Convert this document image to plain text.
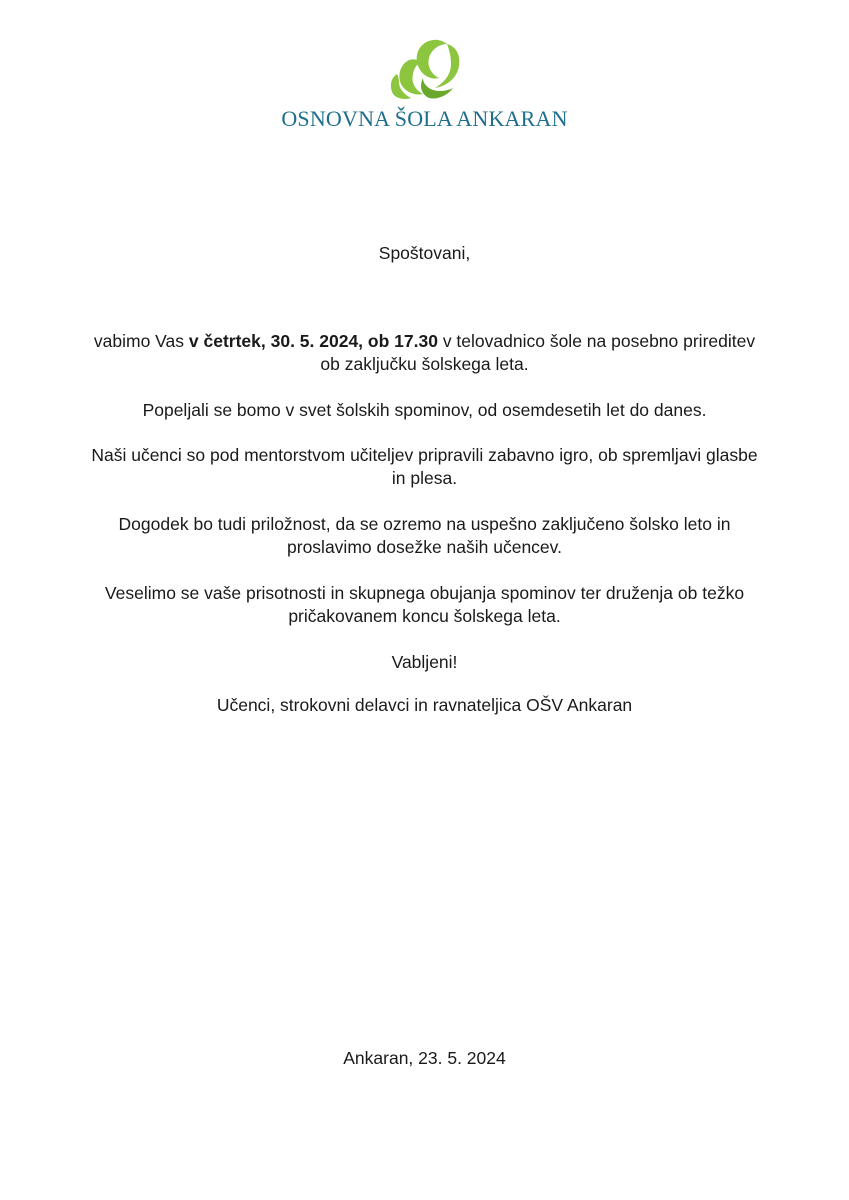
OSNOVNA ŠOLA ANKARAN
Spoštovani,
vabimo Vas v četrtek, 30. 5. 2024, ob 17.30 v telovadnico šole na posebno prireditev ob zaključku šolskega leta.
Popeljali se bomo v svet šolskih spominov, od osemdesetih let do danes.
Naši učenci so pod mentorstvom učiteljev pripravili zabavno igro, ob spremljavi glasbe in plesa.
Dogodek bo tudi priložnost, da se ozremo na uspešno zaključeno šolsko leto in proslavimo dosežke naših učencev.
Veselimo se vaše prisotnosti in skupnega obujanja spominov ter druženja ob težko pričakovanem koncu šolskega leta.
Vabljeni!
Učenci, strokovni delavci in ravnateljica OŠV Ankaran
Ankaran, 23. 5. 2024
